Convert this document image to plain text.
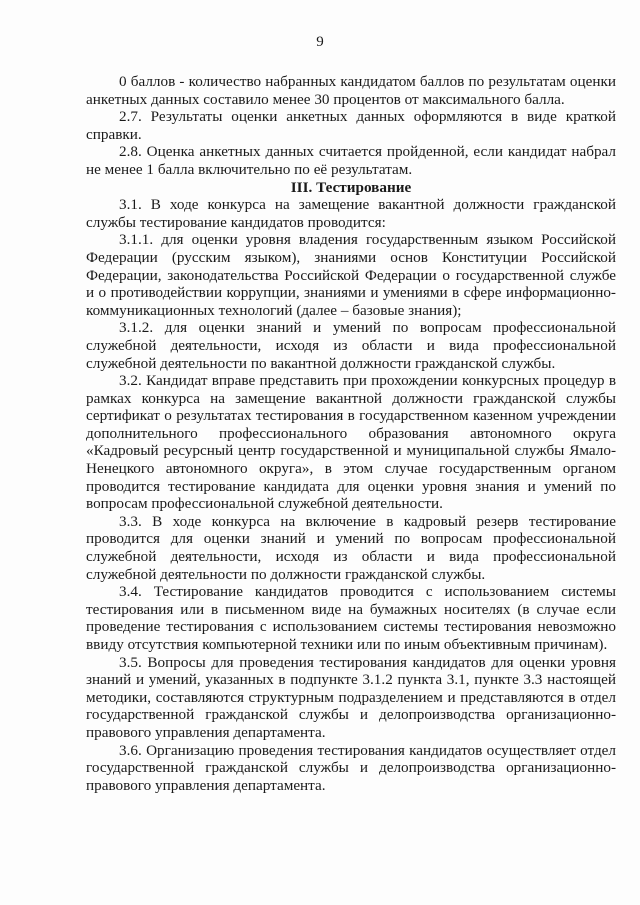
9

0 баллов - количество набранных кандидатом баллов по результатам оценки анкетных данных составило менее 30 процентов от максимального балла.

2.7. Результаты оценки анкетных данных оформляются в виде краткой справки.

2.8. Оценка анкетных данных считается пройденной, если кандидат набрал не менее 1 балла включительно по её результатам.

III. Тестирование

3.1. В ходе конкурса на замещение вакантной должности гражданской службы тестирование кандидатов проводится:

3.1.1. для оценки уровня владения государственным языком Российской Федерации (русским языком), знаниями основ Конституции Российской Федерации, законодательства Российской Федерации о государственной службе и о противодействии коррупции, знаниями и умениями в сфере информационно-коммуникационных технологий (далее – базовые знания);

3.1.2. для оценки знаний и умений по вопросам профессиональной служебной деятельности, исходя из области и вида профессиональной служебной деятельности по вакантной должности гражданской службы.

3.2. Кандидат вправе представить при прохождении конкурсных процедур в рамках конкурса на замещение вакантной должности гражданской службы сертификат о результатах тестирования в государственном казенном учреждении дополнительного профессионального образования автономного округа «Кадровый ресурсный центр государственной и муниципальной службы Ямало-Ненецкого автономного округа», в этом случае государственным органом проводится тестирование кандидата для оценки уровня знания и умений по вопросам профессиональной служебной деятельности.

3.3. В ходе конкурса на включение в кадровый резерв тестирование проводится для оценки знаний и умений по вопросам профессиональной служебной деятельности, исходя из области и вида профессиональной служебной деятельности по должности гражданской службы.

3.4. Тестирование кандидатов проводится с использованием системы тестирования или в письменном виде на бумажных носителях (в случае если проведение тестирования с использованием системы тестирования невозможно ввиду отсутствия компьютерной техники или по иным объективным причинам).

3.5. Вопросы для проведения тестирования кандидатов для оценки уровня знаний и умений, указанных в подпункте 3.1.2 пункта 3.1, пункте 3.3 настоящей методики, составляются структурным подразделением и представляются в отдел государственной гражданской службы и делопроизводства организационно-правового управления департамента.

3.6. Организацию проведения тестирования кандидатов осуществляет отдел государственной гражданской службы и делопроизводства организационно-правового управления департамента.
